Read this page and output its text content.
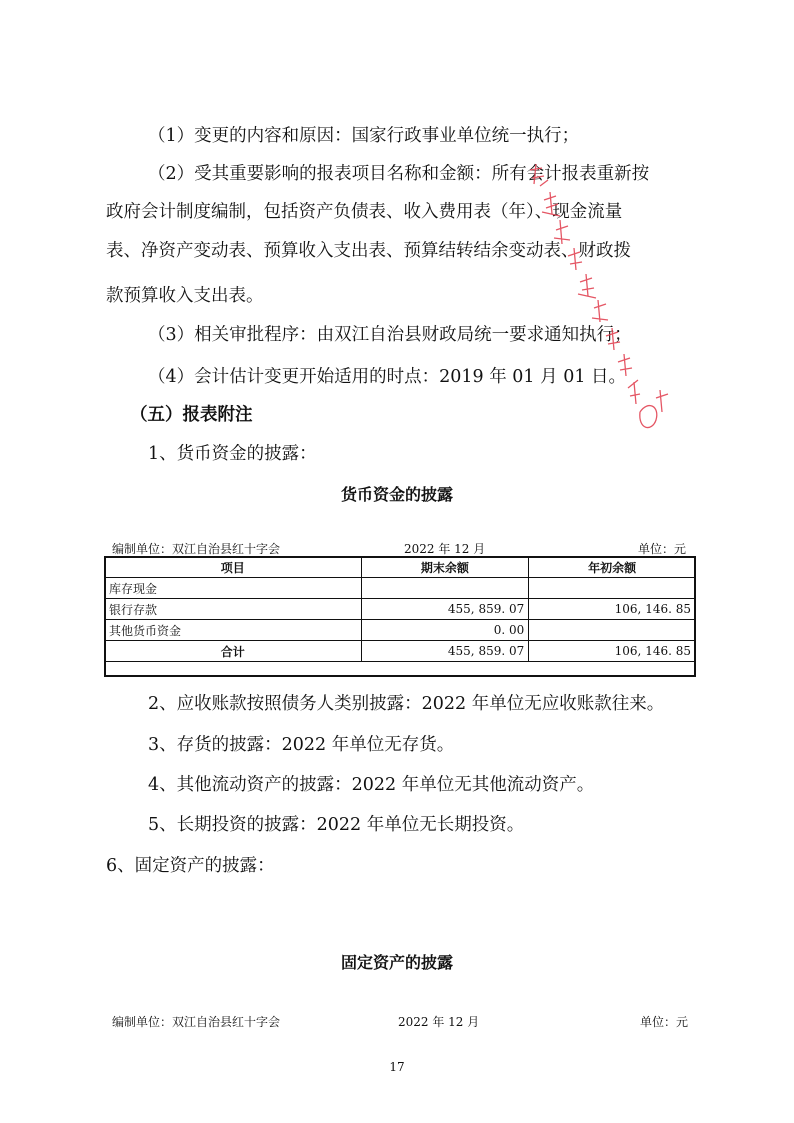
（1）变更的内容和原因：国家行政事业单位统一执行；
（2）受其重要影响的报表项目名称和金额：所有会计报表重新按
政府会计制度编制，包括资产负债表、收入费用表（年）、现金流量
表、净资产变动表、预算收入支出表、预算结转结余变动表、财政拨
款预算收入支出表。
（3）相关审批程序：由双江自治县财政局统一要求通知执行；
（4）会计估计变更开始适用的时点：2019 年 01 月 01 日。
（五）报表附注
1、货币资金的披露：
货币资金的披露
编制单位：双江自治县红十字会	2022 年 12 月	单位：元
项目	期末余额	年初余额
库存现金		
银行存款	455, 859. 07	106, 146. 85
其他货币资金	0. 00	
合计	455, 859. 07	106, 146. 85
2、应收账款按照债务人类别披露：2022 年单位无应收账款往来。
3、存货的披露：2022 年单位无存货。
4、其他流动资产的披露：2022 年单位无其他流动资产。
5、长期投资的披露：2022 年单位无长期投资。
6、固定资产的披露：
固定资产的披露
编制单位：双江自治县红十字会	2022 年 12 月	单位：元
17
